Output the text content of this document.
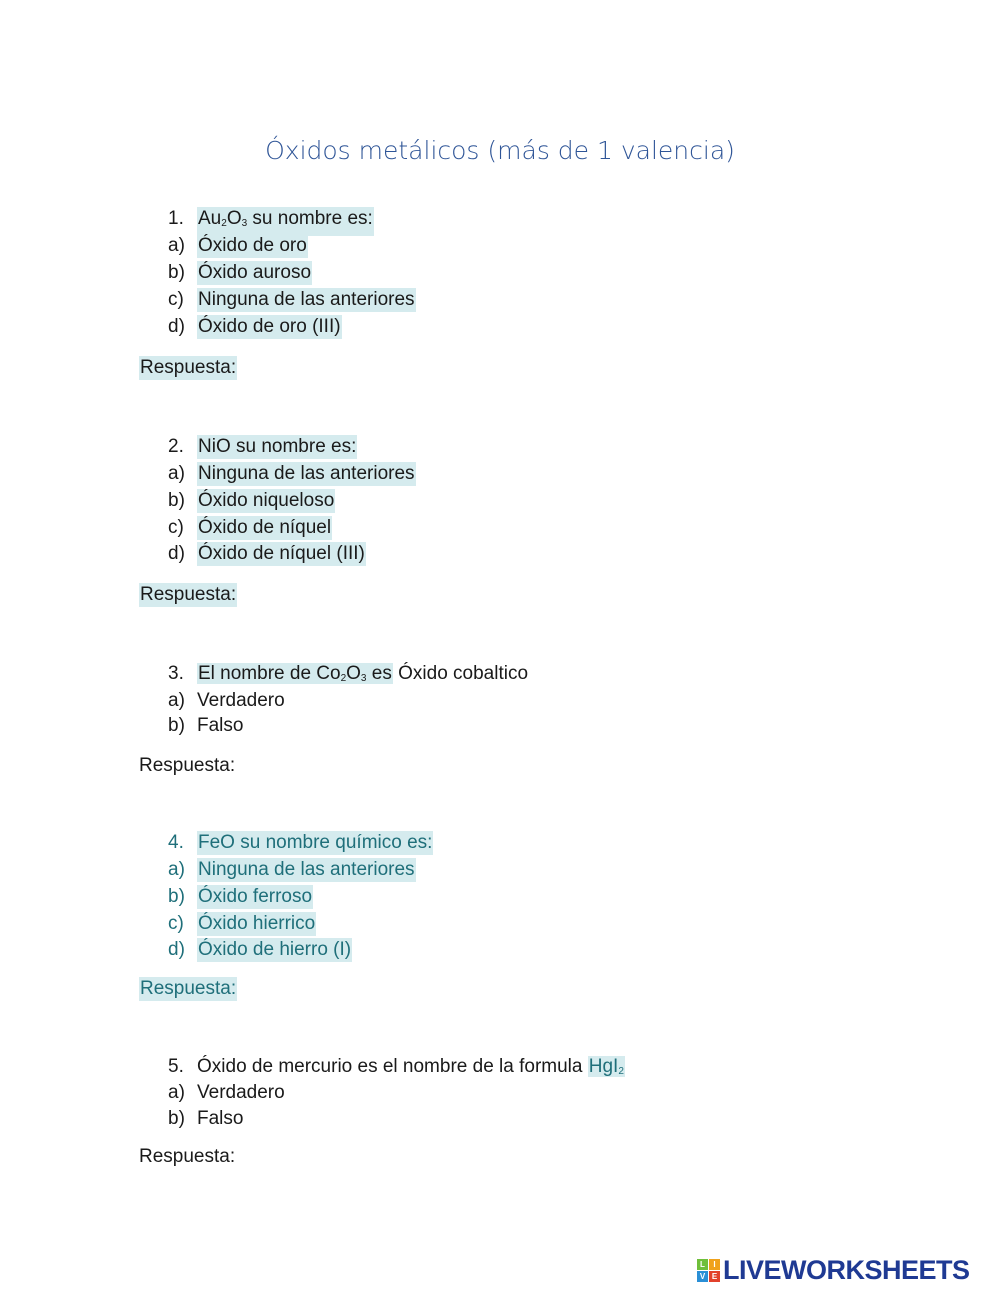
Óxidos metálicos (más de 1 valencia)
1. Au2O3 su nombre es:
a) Óxido de oro
b) Óxido auroso
c) Ninguna de las anteriores
d) Óxido de oro (III)
Respuesta:
2. NiO su nombre es:
a) Ninguna de las anteriores
b) Óxido niqueloso
c) Óxido de níquel
d) Óxido de níquel (III)
Respuesta:
3. El nombre de Co2O3 es Óxido cobaltico
a) Verdadero
b) Falso
Respuesta:
4. FeO su nombre químico es:
a) Ninguna de las anteriores
b) Óxido ferroso
c) Óxido hierrico
d) Óxido de hierro (I)
Respuesta:
5. Óxido de mercurio es el nombre de la formula HgI2
a) Verdadero
b) Falso
Respuesta:
L	I
V E LIVEWORKSHEETS
